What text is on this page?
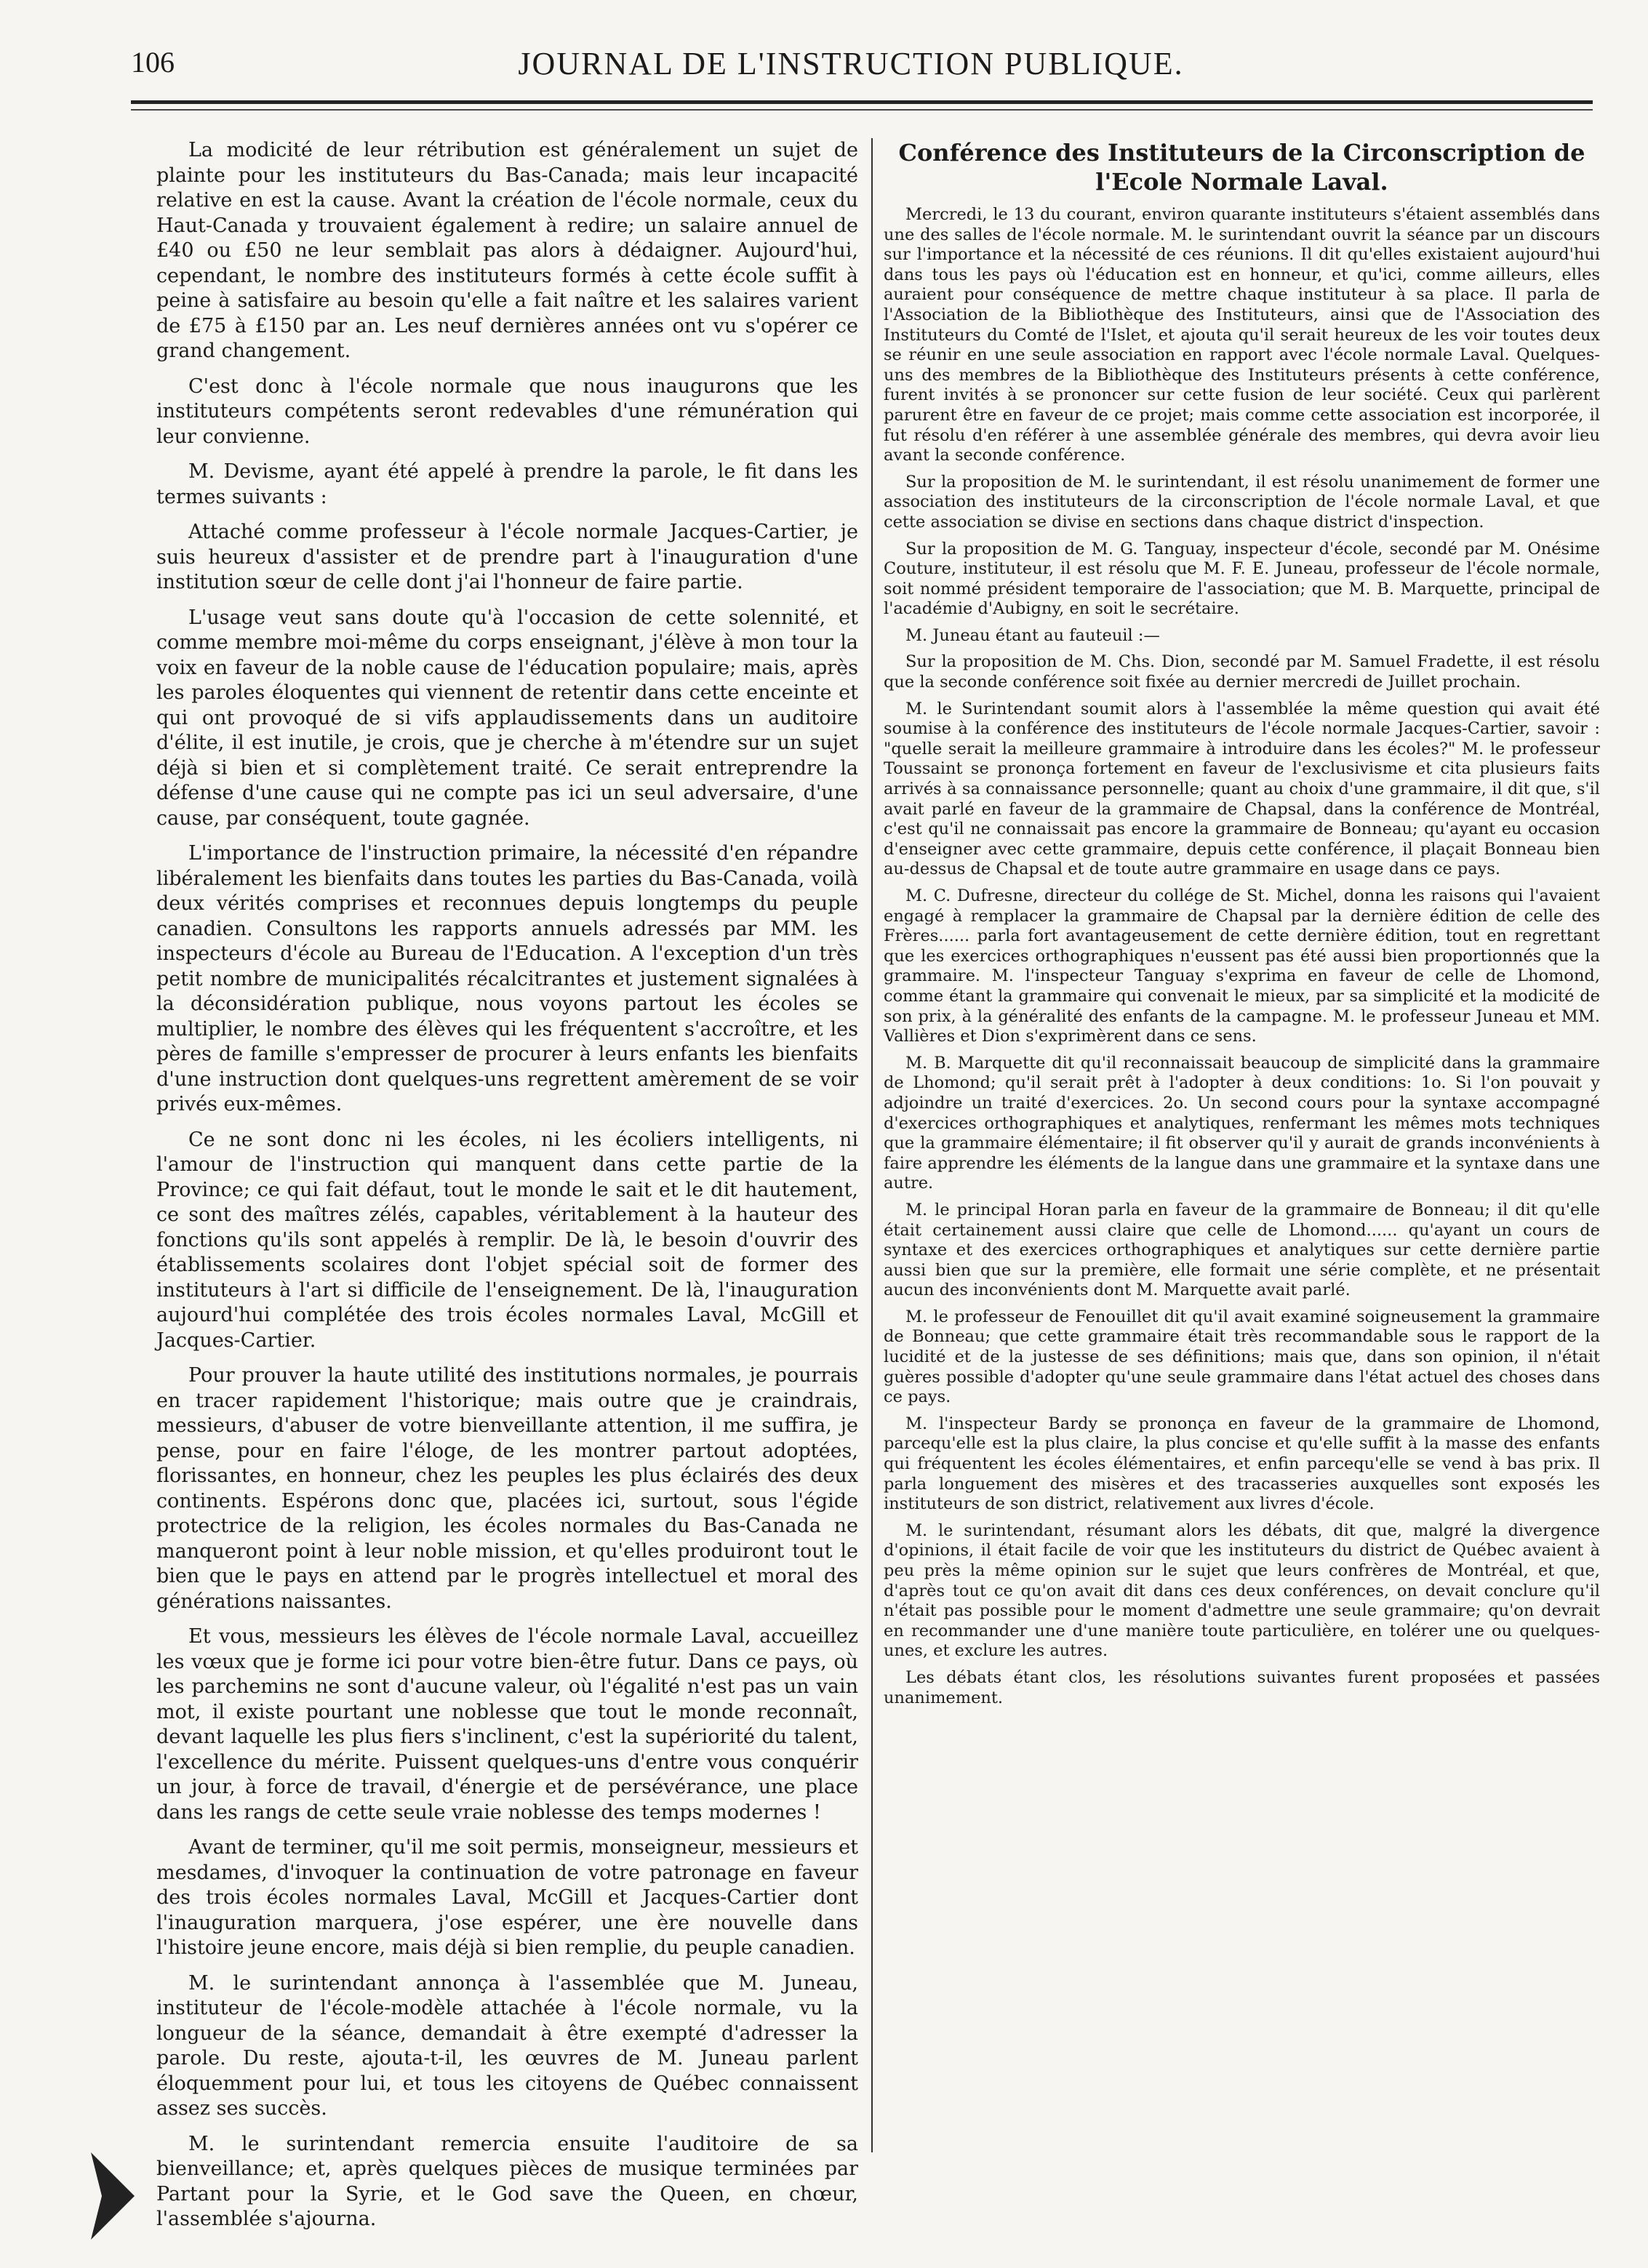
106	JOURNAL DE L'INSTRUCTION PUBLIQUE.

La modicité de leur rétribution est généralement un sujet de plainte pour les instituteurs du Bas-Canada; mais leur incapacité relative en est la cause. Avant la création de l'école normale, ceux du Haut-Canada y trouvaient également à redire; un salaire annuel de £40 ou £50 ne leur semblait pas alors à dédaigner. Aujourd'hui, cependant, le nombre des instituteurs formés à cette école suffit à peine à satisfaire au besoin qu'elle a fait naître et les salaires varient de £75 à £150 par an. Les neuf dernières années ont vu s'opérer ce grand changement.

C'est donc à l'école normale que nous inaugurons que les instituteurs compétents seront redevables d'une rémunération qui leur convienne.

M. Devisme, ayant été appelé à prendre la parole, le fit dans les termes suivants :

Attaché comme professeur à l'école normale Jacques-Cartier, je suis heureux d'assister et de prendre part à l'inauguration d'une institution sœur de celle dont j'ai l'honneur de faire partie.

L'usage veut sans doute qu'à l'occasion de cette solennité, et comme membre moi-même du corps enseignant, j'élève à mon tour la voix en faveur de la noble cause de l'éducation populaire; mais, après les paroles éloquentes qui viennent de retentir dans cette enceinte et qui ont provoqué de si vifs applaudissements dans un auditoire d'élite, il est inutile, je crois, que je cherche à m'étendre sur un sujet déjà si bien et si complètement traité. Ce serait entreprendre la défense d'une cause qui ne compte pas ici un seul adversaire, d'une cause, par conséquent, toute gagnée.

L'importance de l'instruction primaire, la nécessité d'en répandre libéralement les bienfaits dans toutes les parties du Bas-Canada, voilà deux vérités comprises et reconnues depuis longtemps du peuple canadien. Consultons les rapports annuels adressés par MM. les inspecteurs d'école au Bureau de l'Education. A l'exception d'un très petit nombre de municipalités récalcitrantes et justement signalées à la déconsidération publique, nous voyons partout les écoles se multiplier, le nombre des élèves qui les fréquentent s'accroître, et les pères de famille s'empresser de procurer à leurs enfants les bienfaits d'une instruction dont quelques-uns regrettent amèrement de se voir privés eux-mêmes.

Ce ne sont donc ni les écoles, ni les écoliers intelligents, ni l'amour de l'instruction qui manquent dans cette partie de la Province; ce qui fait défaut, tout le monde le sait et le dit hautement, ce sont des maîtres zélés, capables, véritablement à la hauteur des fonctions qu'ils sont appelés à remplir. De là, le besoin d'ouvrir des établissements scolaires dont l'objet spécial soit de former des instituteurs à l'art si difficile de l'enseignement. De là, l'inauguration aujourd'hui complétée des trois écoles normales Laval, McGill et Jacques-Cartier.

Pour prouver la haute utilité des institutions normales, je pourrais en tracer rapidement l'historique; mais outre que je craindrais, messieurs, d'abuser de votre bienveillante attention, il me suffira, je pense, pour en faire l'éloge, de les montrer partout adoptées, florissantes, en honneur, chez les peuples les plus éclairés des deux continents. Espérons donc que, placées ici, surtout, sous l'égide protectrice de la religion, les écoles normales du Bas-Canada ne manqueront point à leur noble mission, et qu'elles produiront tout le bien que le pays en attend par le progrès intellectuel et moral des générations naissantes.

Et vous, messieurs les élèves de l'école normale Laval, accueillez les vœux que je forme ici pour votre bien-être futur. Dans ce pays, où les parchemins ne sont d'aucune valeur, où l'égalité n'est pas un vain mot, il existe pourtant une noblesse que tout le monde reconnaît, devant laquelle les plus fiers s'inclinent, c'est la supériorité du talent, l'excellence du mérite. Puissent quelques-uns d'entre vous conquérir un jour, à force de travail, d'énergie et de persévérance, une place dans les rangs de cette seule vraie noblesse des temps modernes !

Avant de terminer, qu'il me soit permis, monseigneur, messieurs et mesdames, d'invoquer la continuation de votre patronage en faveur des trois écoles normales Laval, McGill et Jacques-Cartier dont l'inauguration marquera, j'ose espérer, une ère nouvelle dans l'histoire jeune encore, mais déjà si bien remplie, du peuple canadien.

M. le surintendant annonça à l'assemblée que M. Juneau, instituteur de l'école-modèle attachée à l'école normale, vu la longueur de la séance, demandait à être exempté d'adresser la parole. Du reste, ajouta-t-il, les œuvres de M. Juneau parlent éloquemment pour lui, et tous les citoyens de Québec connaissent assez ses succès.

M. le surintendant remercia ensuite l'auditoire de sa bienveillance; et, après quelques pièces de musique terminées par Partant pour la Syrie, et le God save the Queen, en chœur, l'assemblée s'ajourna.

Conférence des Instituteurs de la Circonscription de l'Ecole Normale Laval.

Mercredi, le 13 du courant, environ quarante instituteurs s'étaient assemblés dans une des salles de l'école normale. M. le surintendant ouvrit la séance par un discours sur l'importance et la nécessité de ces réunions. Il dit qu'elles existaient aujourd'hui dans tous les pays où l'éducation est en honneur, et qu'ici, comme ailleurs, elles auraient pour conséquence de mettre chaque instituteur à sa place. Il parla de l'Association de la Bibliothèque des Instituteurs, ainsi que de l'Association des Instituteurs du Comté de l'Islet, et ajouta qu'il serait heureux de les voir toutes deux se réunir en une seule association en rapport avec l'école normale Laval. Quelques-uns des membres de la Bibliothèque des Instituteurs présents à cette conférence, furent invités à se prononcer sur cette fusion de leur société. Ceux qui parlèrent parurent être en faveur de ce projet; mais comme cette association est incorporée, il fut résolu d'en référer à une assemblée générale des membres, qui devra avoir lieu avant la seconde conférence.

Sur la proposition de M. le surintendant, il est résolu unanimement de former une association des instituteurs de la circonscription de l'école normale Laval, et que cette association se divise en sections dans chaque district d'inspection.

Sur la proposition de M. G. Tanguay, inspecteur d'école, secondé par M. Onésime Couture, instituteur, il est résolu que M. F. E. Juneau, professeur de l'école normale, soit nommé président temporaire de l'association; que M. B. Marquette, principal de l'académie d'Aubigny, en soit le secrétaire.

M. Juneau étant au fauteuil :—

Sur la proposition de M. Chs. Dion, secondé par M. Samuel Fradette, il est résolu que la seconde conférence soit fixée au dernier mercredi de Juillet prochain.

M. le Surintendant soumit alors à l'assemblée la même question qui avait été soumise à la conférence des instituteurs de l'école normale Jacques-Cartier, savoir : "quelle serait la meilleure grammaire à introduire dans les écoles?" M. le professeur Toussaint se prononça fortement en faveur de l'exclusivisme et cita plusieurs faits arrivés à sa connaissance personnelle; quant au choix d'une grammaire, il dit que, s'il avait parlé en faveur de la grammaire de Chapsal, dans la conférence de Montréal, c'est qu'il ne connaissait pas encore la grammaire de Bonneau; qu'ayant eu occasion d'enseigner avec cette grammaire, depuis cette conférence, il plaçait Bonneau bien au-dessus de Chapsal et de toute autre grammaire en usage dans ce pays.

M. C. Dufresne, directeur du collége de St. Michel, donna les raisons qui l'avaient engagé à remplacer la grammaire de Chapsal par la dernière édition de celle des Frères...... parla fort avantageusement de cette dernière édition, tout en regrettant que les exercices orthographiques n'eussent pas été aussi bien proportionnés que la grammaire. M. l'inspecteur Tanguay s'exprima en faveur de celle de Lhomond, comme étant la grammaire qui convenait le mieux, par sa simplicité et la modicité de son prix, à la généralité des enfants de la campagne. M. le professeur Juneau et MM. Vallières et Dion s'exprimèrent dans ce sens.

M. B. Marquette dit qu'il reconnaissait beaucoup de simplicité dans la grammaire de Lhomond; qu'il serait prêt à l'adopter à deux conditions: 1o. Si l'on pouvait y adjoindre un traité d'exercices. 2o. Un second cours pour la syntaxe accompagné d'exercices orthographiques et analytiques, renfermant les mêmes mots techniques que la grammaire élémentaire; il fit observer qu'il y aurait de grands inconvénients à faire apprendre les éléments de la langue dans une grammaire et la syntaxe dans une autre.

M. le principal Horan parla en faveur de la grammaire de Bonneau; il dit qu'elle était certainement aussi claire que celle de Lhomond...... qu'ayant un cours de syntaxe et des exercices orthographiques et analytiques sur cette dernière partie aussi bien que sur la première, elle formait une série complète, et ne présentait aucun des inconvénients dont M. Marquette avait parlé.

M. le professeur de Fenouillet dit qu'il avait examiné soigneusement la grammaire de Bonneau; que cette grammaire était très recommandable sous le rapport de la lucidité et de la justesse de ses définitions; mais que, dans son opinion, il n'était guères possible d'adopter qu'une seule grammaire dans l'état actuel des choses dans ce pays.

M. l'inspecteur Bardy se prononça en faveur de la grammaire de Lhomond, parcequ'elle est la plus claire, la plus concise et qu'elle suffit à la masse des enfants qui fréquentent les écoles élémentaires, et enfin parcequ'elle se vend à bas prix. Il parla longuement des misères et des tracasseries auxquelles sont exposés les instituteurs de son district, relativement aux livres d'école.

M. le surintendant, résumant alors les débats, dit que, malgré la divergence d'opinions, il était facile de voir que les instituteurs du district de Québec avaient à peu près la même opinion sur le sujet que leurs confrères de Montréal, et que, d'après tout ce qu'on avait dit dans ces deux conférences, on devait conclure qu'il n'était pas possible pour le moment d'admettre une seule grammaire; qu'on devrait en recommander une d'une manière toute particulière, en tolérer une ou quelques-unes, et exclure les autres.

Les débats étant clos, les résolutions suivantes furent proposées et passées unanimement.
